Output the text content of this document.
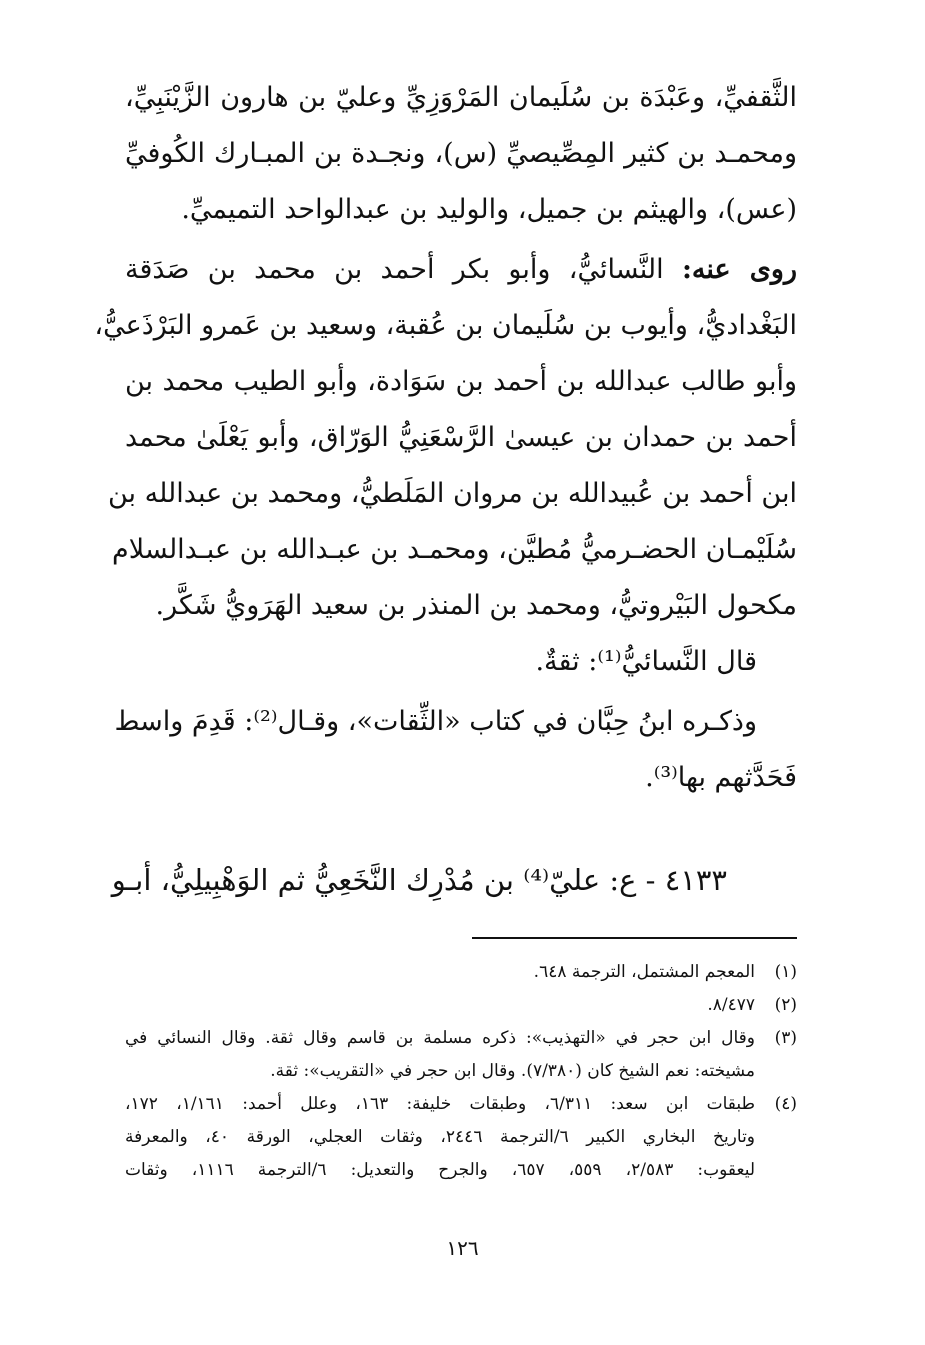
الثَّقفيِّ، وعَبْدَة بن سُلَيمان المَرْوَزِيِّ وعليّ بن هارون الزَّيْنَبِيِّ،
ومحمـد بن كثير المِصِّيصيِّ (س)، ونجـدة بن المبـارك الكُوفيِّ
(عس)، والهيثم بن جميل، والوليد بن عبدالواحد التميميِّ.

روى عنه: النَّسائيُّ، وأبو بكر أحمد بن محمد بن صَدَقة
البَغْداديُّ، وأيوب بن سُلَيمان بن عُقبة، وسعيد بن عَمرو البَرْذَعيُّ،
وأبو طالب عبدالله بن أحمد بن سَوَادة، وأبو الطيب محمد بن
أحمد بن حمدان بن عيسىٰ الرَّسْعَنِيُّ الوَرّاق، وأبو يَعْلَىٰ محمد
ابن أحمد بن عُبيدالله بن مروان المَلَطيُّ، ومحمد بن عبدالله بن
سُلَيْمـان الحضـرميُّ مُطيَّن، ومحمـد بن عبـدالله بن عبـدالسلام
مكحول البَيْروتيُّ، ومحمد بن المنذر بن سعيد الهَرَويُّ شَكَّر.

قال النَّسائيُّ⁽¹⁾: ثقةٌ.

وذكـره ابنُ حِبَّان في كتاب «الثِّقات»، وقـال⁽²⁾: قَدِمَ واسط
فَحَدَّثهم بها⁽³⁾.

٤١٣٣ - ع: عليّ⁽⁴⁾ بن مُدْرِك النَّخَعِيُّ ثم الوَهْبِيلِيُّ، أبـو
(١)
المعجم المشتمل، الترجمة ٦٤٨.
(٢)
٨/٤٧٧.
(٣)
وقال ابن حجر في «التهذيب»: ذكره مسلمة بن قاسم وقال ثقة. وقال النسائي في
مشيخته: نعم الشيخ كان (٧/٣٨٠). وقال ابن حجر في «التقريب»: ثقة.
(٤)
طبقات ابن سعد: ٦/٣١١، وطبقات خليفة: ١٦٣، وعلل أحمد: ١/١٦١، ١٧٢،
وتاريخ البخاري الكبير ٦/الترجمة ٢٤٤٦، وثقات العجلي، الورقة ٤٠، والمعرفة
ليعقوب: ٢/٥٨٣، ٥٥٩، ٦٥٧، والجرح والتعديل: ٦/الترجمة ١١١٦، وثقات
١٢٦
